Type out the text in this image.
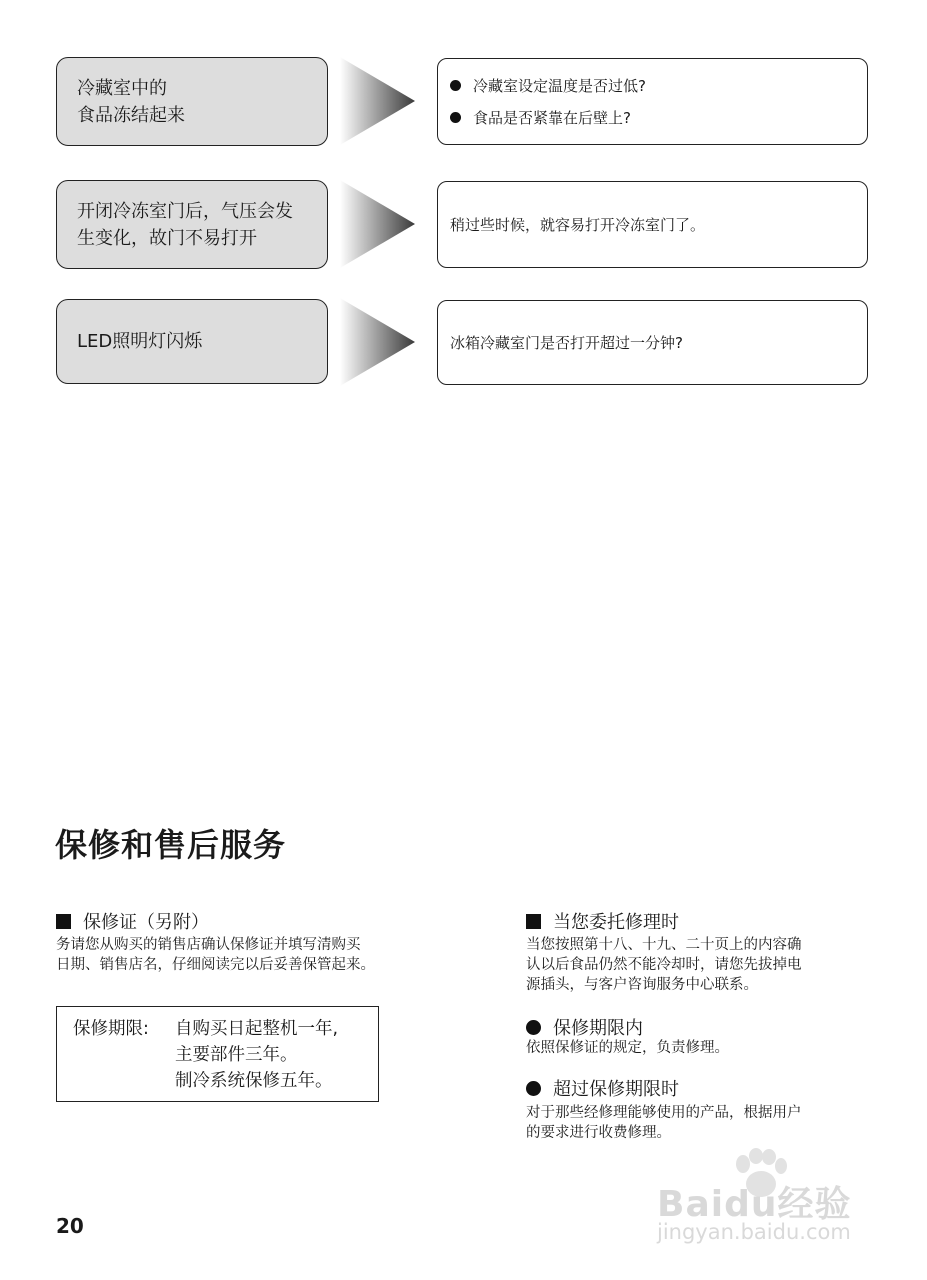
冷藏室中的
食品冻结起来
冷藏室设定温度是否过低?
食品是否紧靠在后壁上?
开闭冷冻室门后，气压会发
生变化，故门不易打开
稍过些时候，就容易打开冷冻室门了。
LED照明灯闪烁	冰箱冷藏室门是否打开超过一分钟?
保修和售后服务
保修证（另附）
务请您从购买的销售店确认保修证并填写清购买
日期、销售店名，仔细阅读完以后妥善保管起来。
保修期限: 自购买日起整机一年,
主要部件三年。
制冷系统保修五年。
当您委托修理时
当您按照第十八、十九、二十页上的内容确
认以后食品仍然不能冷却时，请您先拔掉电
源插头，与客户咨询服务中心联系。
保修期限内
依照保修证的规定，负责修理。
超过保修期限时
对于那些经修理能够使用的产品，根据用户
的要求进行收费修理。
20
Baidu经验
jingyan.baidu.com
